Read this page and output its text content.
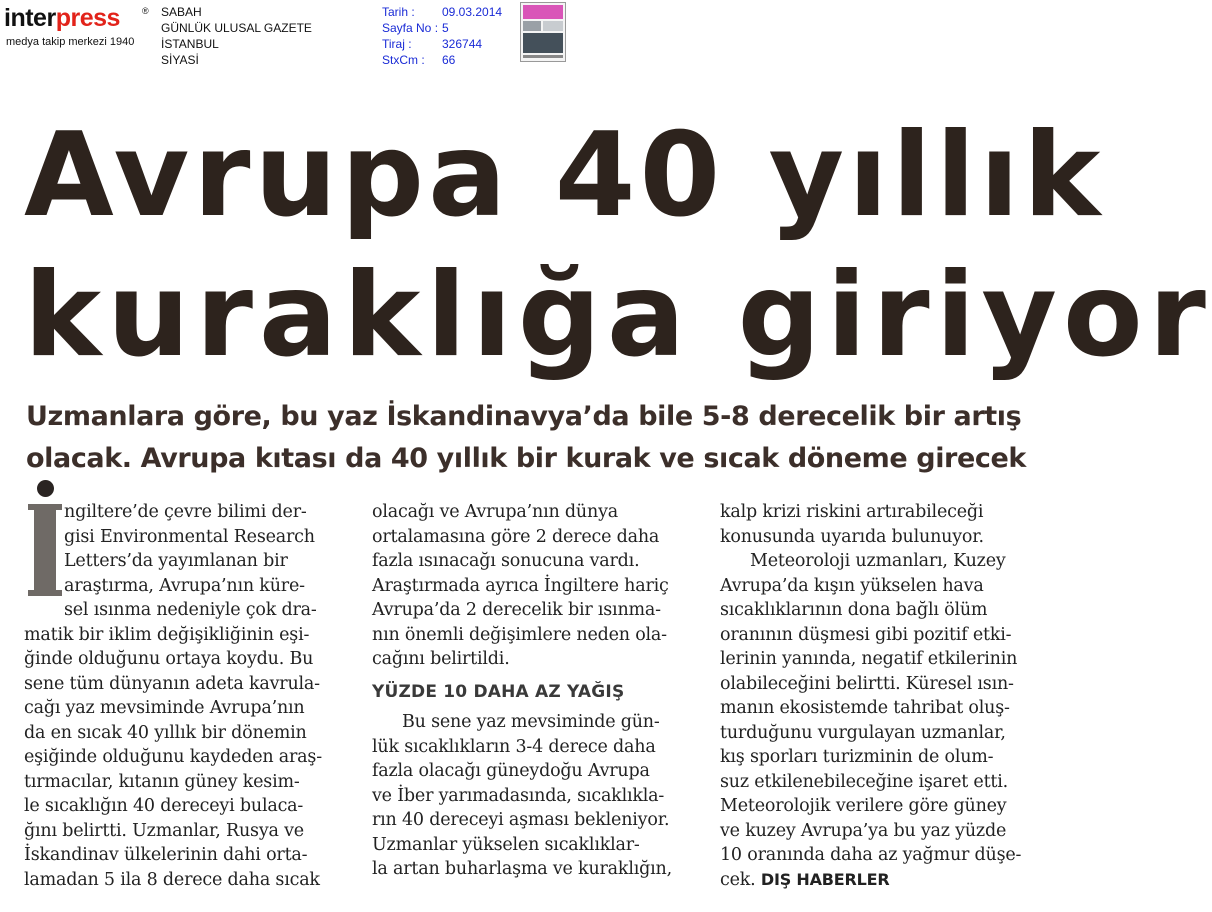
interpress ®
medya takip merkezi 1940
SABAH
GÜNLÜK ULUSAL GAZETE
İSTANBUL
SİYASİ
Tarih :
Sayfa No :
Tiraj :
StxCm :
09.03.2014
5
326744
66
Avrupa 40 yıllık
kuraklığa giriyor
Uzmanlara göre, bu yaz İskandinavya’da bile 5-8 derecelik bir artış
olacak. Avrupa kıtası da 40 yıllık bir kurak ve sıcak döneme girecek
ngiltere’de çevre bilimi der-
gisi Environmental Research
Letters’da yayımlanan bir
araştırma, Avrupa’nın küre-
sel ısınma nedeniyle çok dra-
matik bir iklim değişikliğinin eşi-
ğinde olduğunu ortaya koydu. Bu
sene tüm dünyanın adeta kavrula-
cağı yaz mevsiminde Avrupa’nın
da en sıcak 40 yıllık bir dönemin
eşiğinde olduğunu kaydeden araş-
tırmacılar, kıtanın güney kesim-
le sıcaklığın 40 dereceyi bulaca-
ğını belirtti. Uzmanlar, Rusya ve
İskandinav ülkelerinin dahi orta-
lamadan 5 ila 8 derece daha sıcak
olacağı ve Avrupa’nın dünya
ortalamasına göre 2 derece daha
fazla ısınacağı sonucuna vardı.
Araştırmada ayrıca İngiltere hariç
Avrupa’da 2 derecelik bir ısınma-
nın önemli değişimlere neden ola-
cağını belirtildi.
YÜZDE 10 DAHA AZ YAĞIŞ
Bu sene yaz mevsiminde gün-
lük sıcaklıkların 3-4 derece daha
fazla olacağı güneydoğu Avrupa
ve İber yarımadasında, sıcaklıkla-
rın 40 dereceyi aşması bekleniyor.
Uzmanlar yükselen sıcaklıklar-
la artan buharlaşma ve kuraklığın,
kalp krizi riskini artırabileceği
konusunda uyarıda bulunuyor.
Meteoroloji uzmanları, Kuzey
Avrupa’da kışın yükselen hava
sıcaklıklarının dona bağlı ölüm
oranının düşmesi gibi pozitif etki-
lerinin yanında, negatif etkilerinin
olabileceğini belirtti. Küresel ısın-
manın ekosistemde tahribat oluş-
turduğunu vurgulayan uzmanlar,
kış sporları turizminin de olum-
suz etkilenebileceğine işaret etti.
Meteorolojik verilere göre güney
ve kuzey Avrupa’ya bu yaz yüzde
10 oranında daha az yağmur düşe-
cek. DIŞ HABERLER
